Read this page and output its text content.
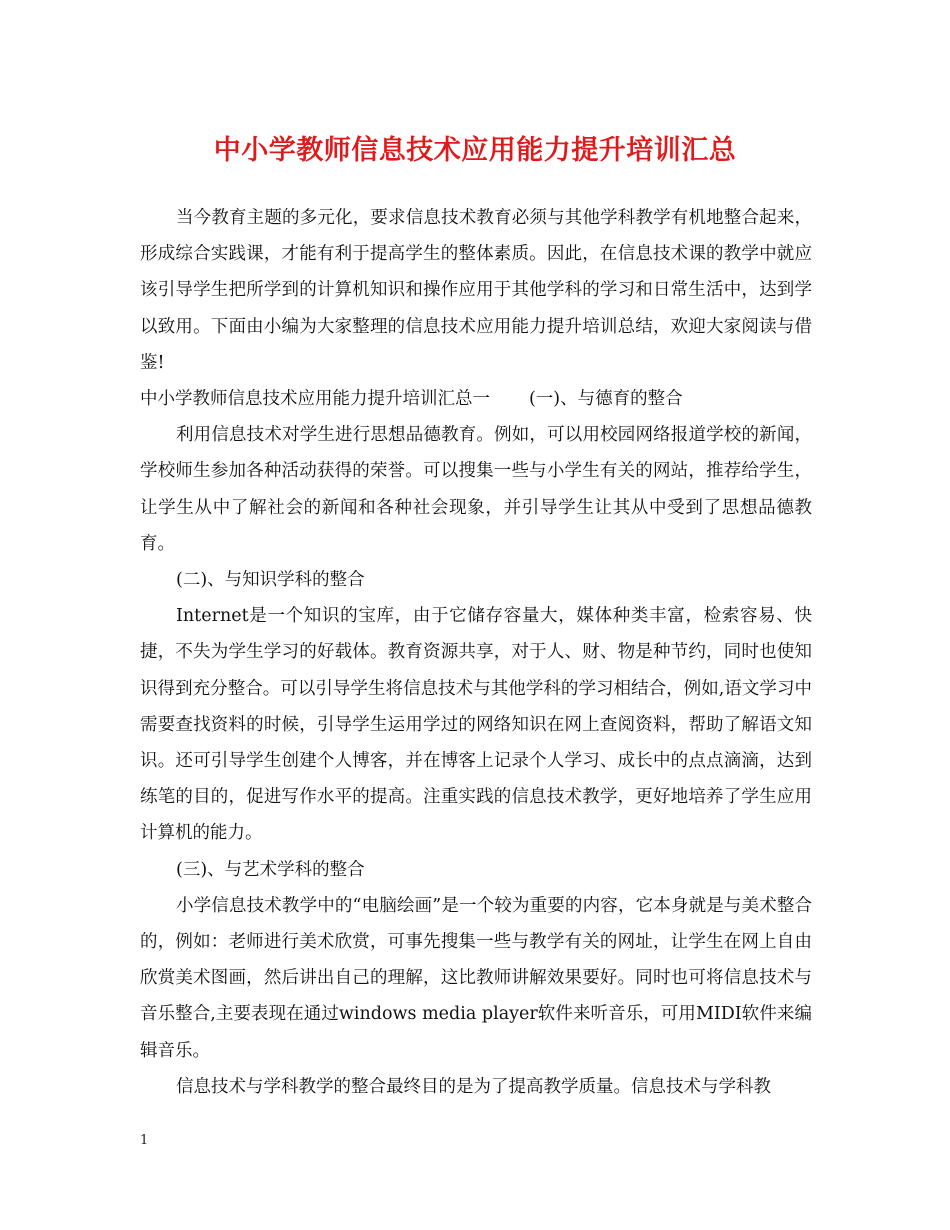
中小学教师信息技术应用能力提升培训汇总

当今教育主题的多元化，要求信息技术教育必须与其他学科教学有机地整合起来，形成综合实践课，才能有利于提高学生的整体素质。因此，在信息技术课的教学中就应该引导学生把所学到的计算机知识和操作应用于其他学科的学习和日常生活中，达到学以致用。下面由小编为大家整理的信息技术应用能力提升培训总结，欢迎大家阅读与借鉴!

中小学教师信息技术应用能力提升培训汇总一       (一)、与德育的整合

利用信息技术对学生进行思想品德教育。例如，可以用校园网络报道学校的新闻，学校师生参加各种活动获得的荣誉。可以搜集一些与小学生有关的网站，推荐给学生，让学生从中了解社会的新闻和各种社会现象，并引导学生让其从中受到了思想品德教育。

(二)、与知识学科的整合

Internet是一个知识的宝库，由于它储存容量大，媒体种类丰富，检索容易、快捷，不失为学生学习的好载体。教育资源共享，对于人、财、物是种节约，同时也使知识得到充分整合。可以引导学生将信息技术与其他学科的学习相结合，例如,语文学习中需要查找资料的时候，引导学生运用学过的网络知识在网上查阅资料，帮助了解语文知识。还可引导学生创建个人博客，并在博客上记录个人学习、成长中的点点滴滴，达到练笔的目的，促进写作水平的提高。注重实践的信息技术教学，更好地培养了学生应用计算机的能力。

(三)、与艺术学科的整合

小学信息技术教学中的“电脑绘画”是一个较为重要的内容，它本身就是与美术整合的，例如：老师进行美术欣赏，可事先搜集一些与教学有关的网址，让学生在网上自由欣赏美术图画，然后讲出自己的理解，这比教师讲解效果要好。同时也可将信息技术与音乐整合,主要表现在通过windows media player软件来听音乐，可用MIDI软件来编辑音乐。

信息技术与学科教学的整合最终目的是为了提高教学质量。信息技术与学科教

1
